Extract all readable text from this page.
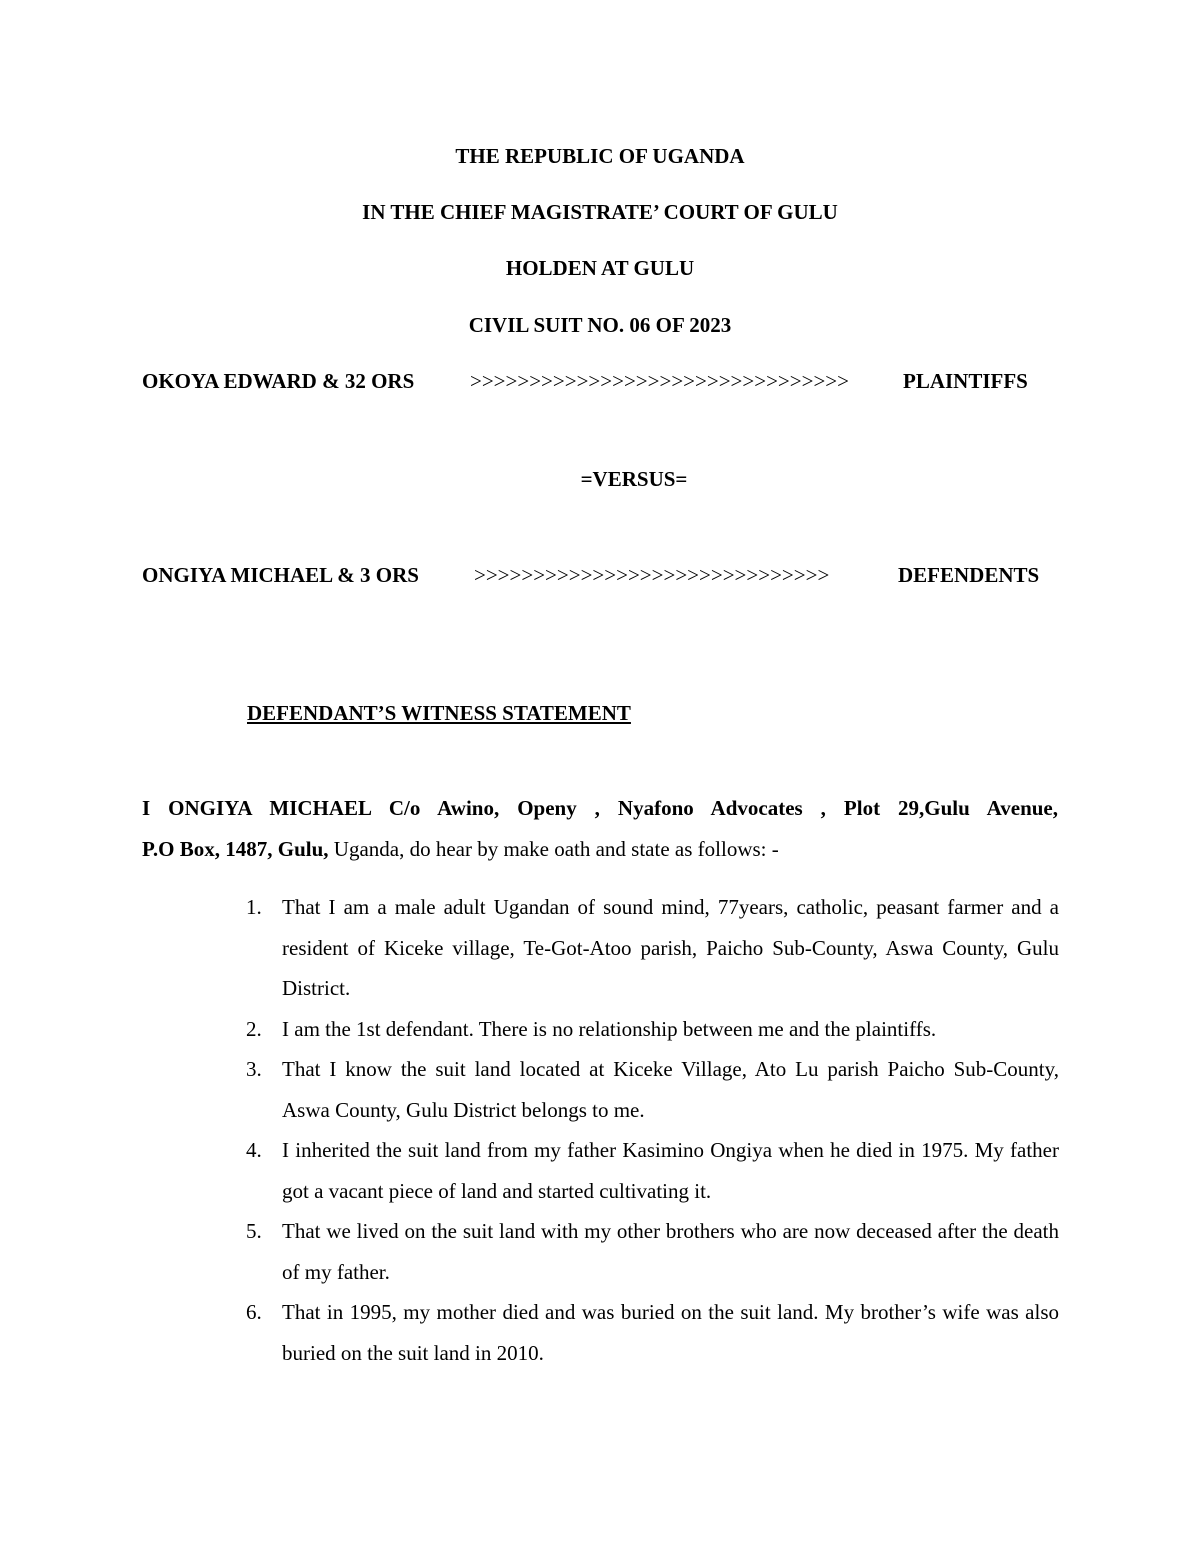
THE REPUBLIC OF UGANDA
IN THE CHIEF MAGISTRATE’ COURT OF GULU
HOLDEN AT GULU
CIVIL SUIT NO. 06 OF 2023
OKOYA EDWARD & 32 ORS	>>>>>>>>>>>>>>>>>>>>>>>>>>>>>>>>	PLAINTIFFS
=VERSUS=
ONGIYA MICHAEL & 3 ORS	>>>>>>>>>>>>>>>>>>>>>>>>>>>>>>	DEFENDENTS
DEFENDANT’S WITNESS STATEMENT
I ONGIYA MICHAEL C/o Awino, Openy , Nyafono Advocates , Plot 29,Gulu Avenue,
P.O Box, 1487, Gulu, Uganda, do hear by make oath and state as follows: -
1. That I am a male adult Ugandan of sound mind, 77years, catholic, peasant farmer and a resident of Kiceke village, Te-Got-Atoo parish, Paicho Sub-County, Aswa County, Gulu District.
2. I am the 1st defendant. There is no relationship between me and the plaintiffs.
3. That I know the suit land located at Kiceke Village, Ato Lu parish Paicho Sub-County, Aswa County, Gulu District belongs to me.
4. I inherited the suit land from my father Kasimino Ongiya when he died in 1975. My father got a vacant piece of land and started cultivating it.
5. That we lived on the suit land with my other brothers who are now deceased after the death of my father.
6. That in 1995, my mother died and was buried on the suit land. My brother’s wife was also buried on the suit land in 2010.
